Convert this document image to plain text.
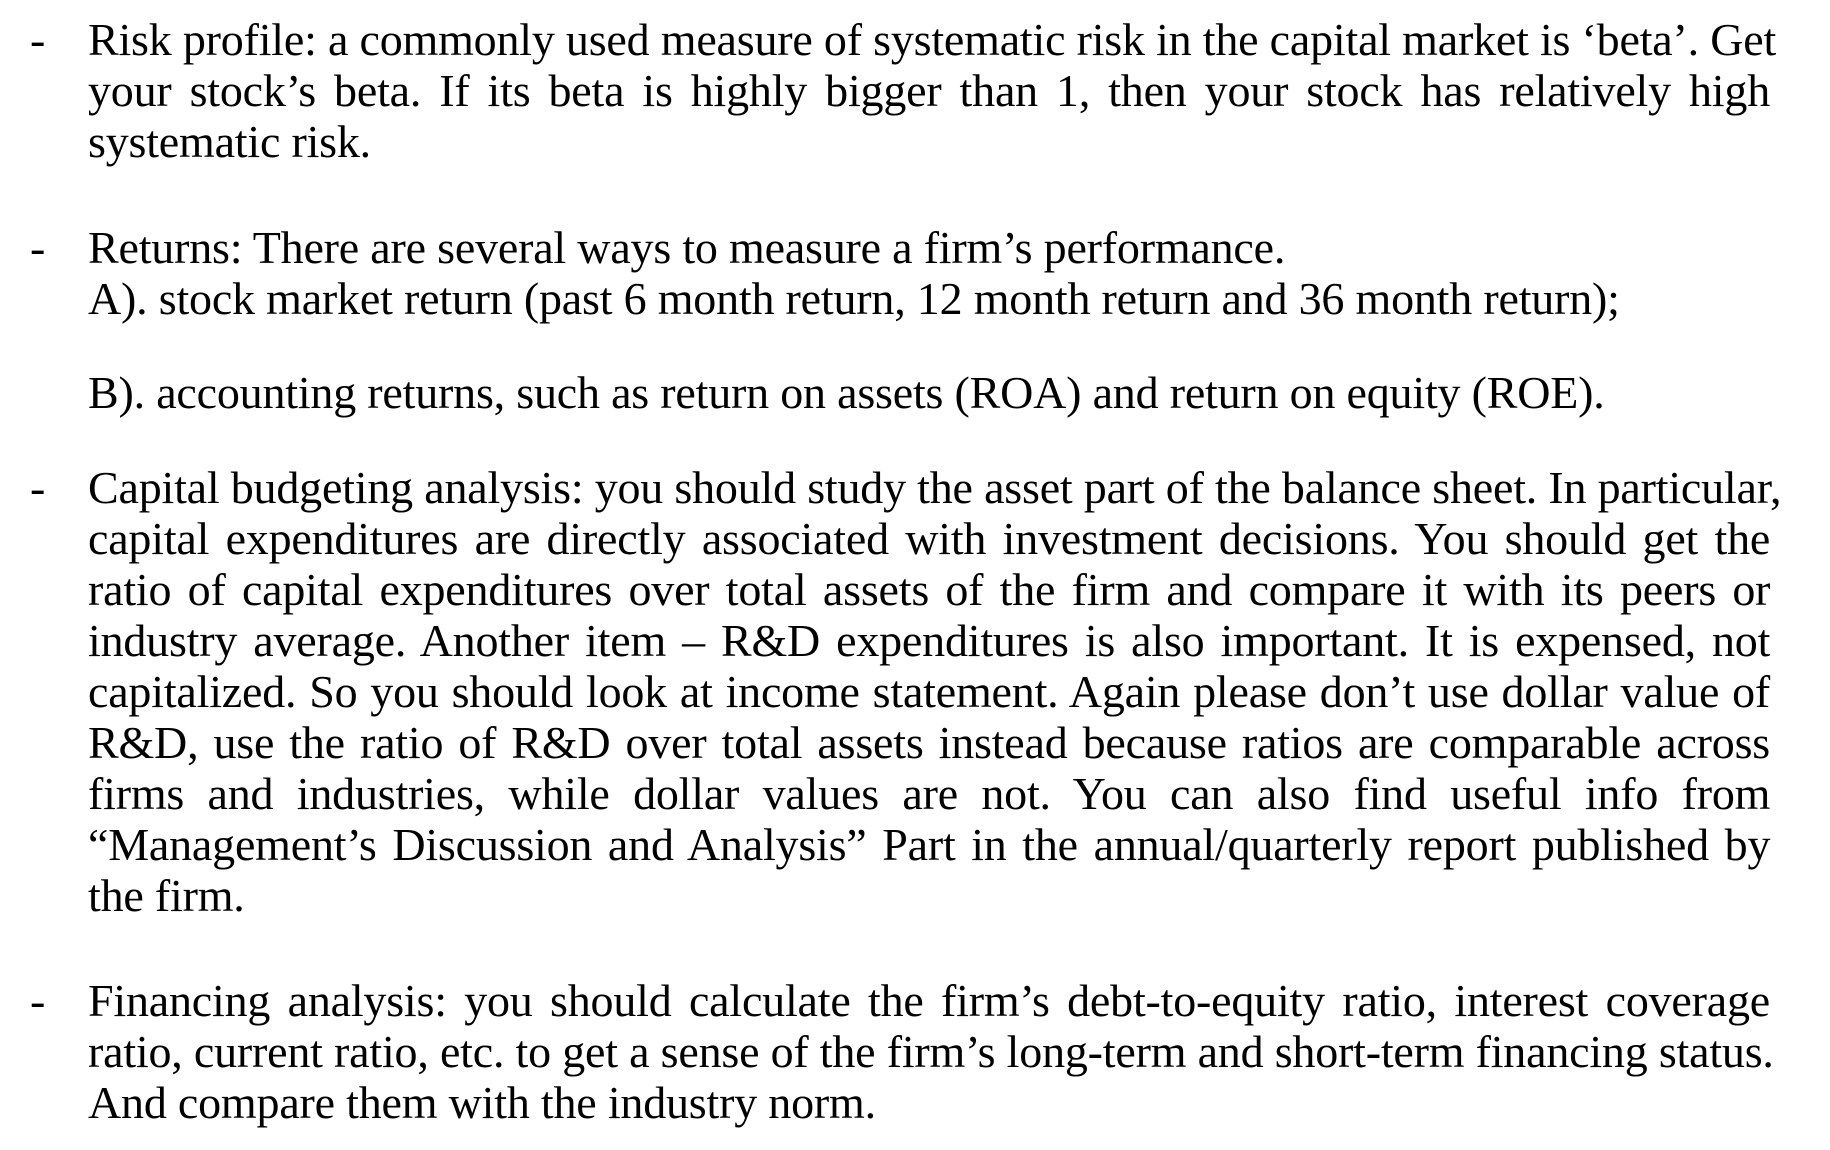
- Risk profile: a commonly used measure of systematic risk in the capital market is ‘beta’. Get
your stock’s beta. If its beta is highly bigger than 1, then your stock has relatively high
systematic risk.
- Returns: There are several ways to measure a firm’s performance.
A). stock market return (past 6 month return, 12 month return and 36 month return);
B). accounting returns, such as return on assets (ROA) and return on equity (ROE).
- Capital budgeting analysis: you should study the asset part of the balance sheet. In particular,
capital expenditures are directly associated with investment decisions. You should get the
ratio of capital expenditures over total assets of the firm and compare it with its peers or
industry average. Another item – R&D expenditures is also important. It is expensed, not
capitalized. So you should look at income statement. Again please don’t use dollar value of
R&D, use the ratio of R&D over total assets instead because ratios are comparable across
firms and industries, while dollar values are not. You can also find useful info from
“Management’s Discussion and Analysis” Part in the annual/quarterly report published by
the firm.
- Financing analysis: you should calculate the firm’s debt-to-equity ratio, interest coverage
ratio, current ratio, etc. to get a sense of the firm’s long-term and short-term financing status.
And compare them with the industry norm.
